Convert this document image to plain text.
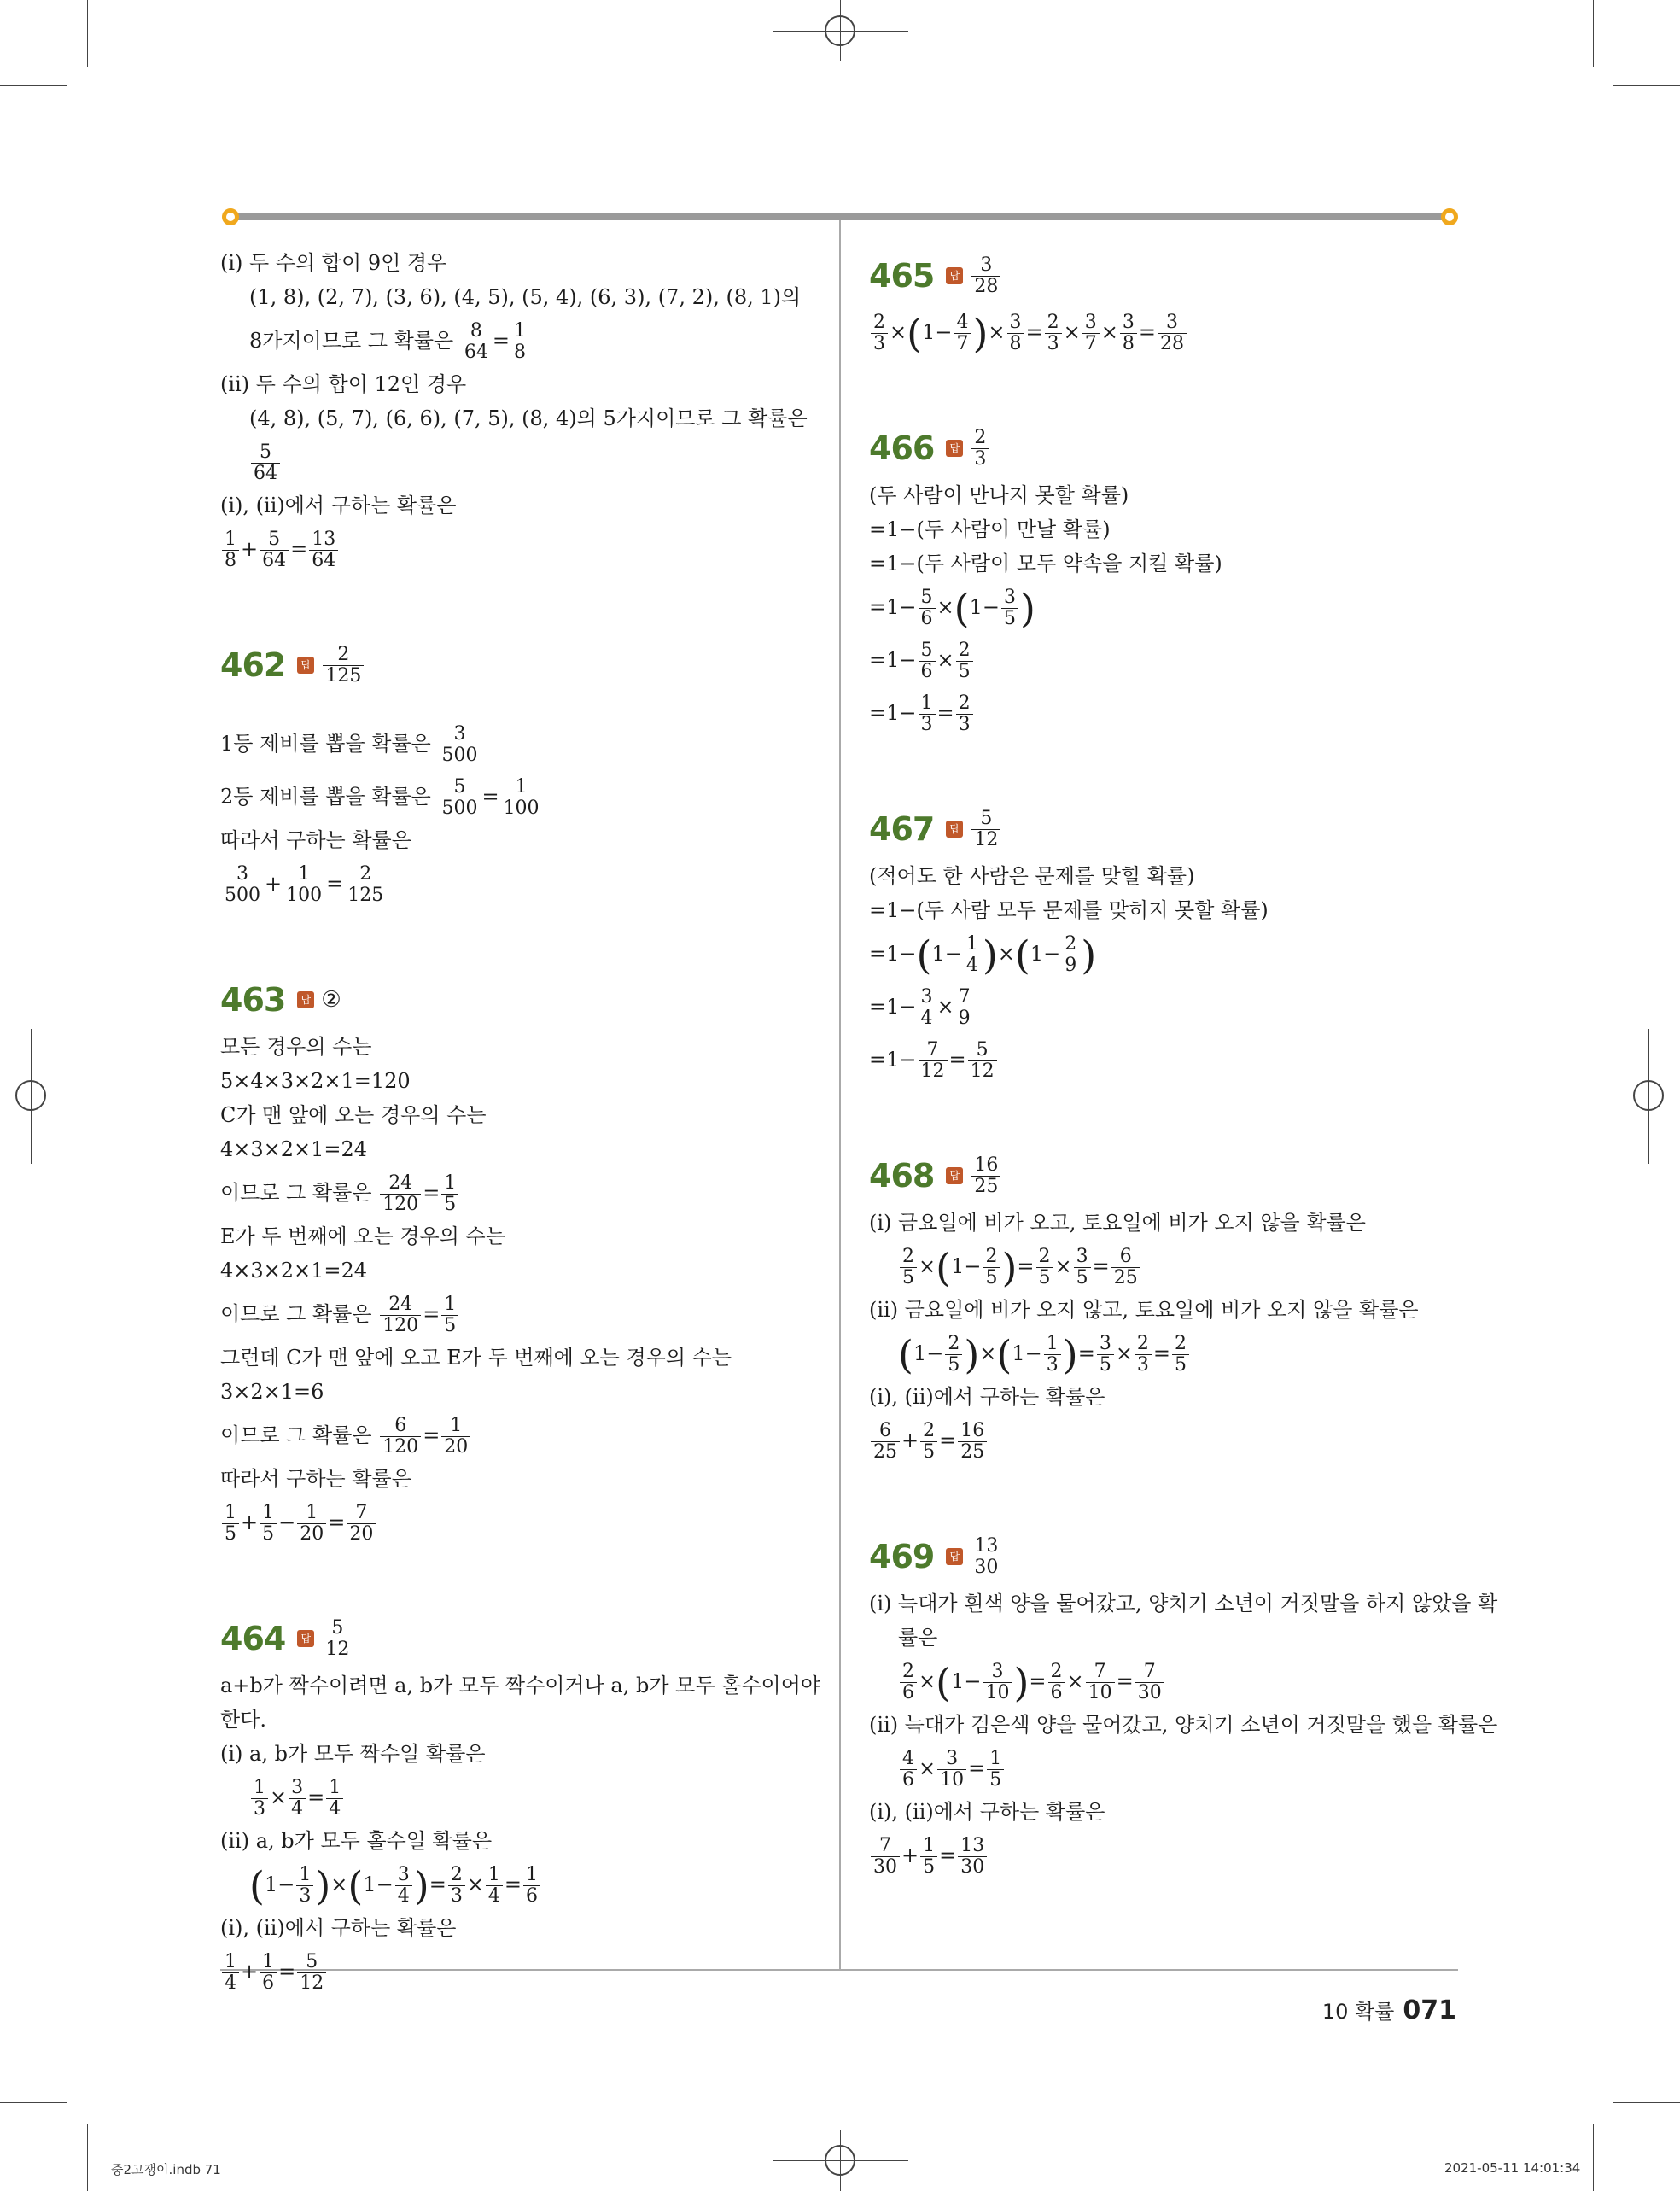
(ⅰ) 두 수의 합이 9인 경우
(1, 8), (2, 7), (3, 6), (4, 5), (5, 4), (6, 3), (7, 2), (8, 1)의
8가지이므로 그 확률은 $\frac{8}{64} = \frac{1}{8}$
(ⅱ) 두 수의 합이 12인 경우
(4, 8), (5, 7), (6, 6), (7, 5), (8, 4)의 5가지이므로 그 확률은
$\frac{5}{64}$
(ⅰ), (ⅱ)에서 구하는 확률은
$\frac{1}{8} + \frac{5}{64} = \frac{13}{64}$
462	답 $\frac{2}{125}$
1등 제비를 뽑을 확률은 $\frac{3}{500}$
2등 제비를 뽑을 확률은 $\frac{5}{500} = \frac{1}{100}$
따라서 구하는 확률은
$\frac{3}{500} + \frac{1}{100} = \frac{2}{125}$
463	답 ②
모든 경우의 수는
5×4×3×2×1=120
C가 맨 앞에 오는 경우의 수는
4×3×2×1=24
이므로 그 확률은 $\frac{24}{120} = \frac{1}{5}$
E가 두 번째에 오는 경우의 수는
4×3×2×1=24
이므로 그 확률은 $\frac{24}{120} = \frac{1}{5}$
그런데 C가 맨 앞에 오고 E가 두 번째에 오는 경우의 수는
3×2×1=6
이므로 그 확률은 $\frac{6}{120} = \frac{1}{20}$
따라서 구하는 확률은
$\frac{1}{5} + \frac{1}{5} - \frac{1}{20} = \frac{7}{20}$
464	답 $\frac{5}{12}$
a+b가 짝수이려면 a, b가 모두 짝수이거나 a, b가 모두 홀수이어야 한다.
(ⅰ) a, b가 모두 짝수일 확률은
$\frac{1}{3} \times \frac{3}{4} = \frac{1}{4}$
(ⅱ) a, b가 모두 홀수일 확률은
$(1- \frac{1}{3} )\times(1- \frac{3}{4}$ )= $\frac{2}{3} \times \frac{1}{4} = \frac{1}{6}$
(ⅰ), (ⅱ)에서 구하는 확률은
$\frac{1}{4} + \frac{1}{6} = \frac{5}{12}$
465	답 $\frac{3}{28}$
$\frac{2}{3} \times(1- \frac{4}{7}$ )× $\frac{3}{8} = \frac{2}{3} \times \frac{3}{7} \times \frac{3}{8} = \frac{3}{28}$
466	답 $\frac{2}{3}$
(두 사람이 만나지 못할 확률)
=1−(두 사람이 만날 확률)
=1−(두 사람이 모두 약속을 지킬 확률)
$=1- \frac{5}{6} \times(1- \frac{3}{5}$ )
$=1- \frac{5}{6} \times \frac{2}{5}$
$=1- \frac{1}{3} = \frac{2}{3}$
467	답 $\frac{5}{12}$
(적어도 한 사람은 문제를 맞힐 확률)
=1−(두 사람 모두 문제를 맞히지 못할 확률)
$=1-(1- \frac{1}{4} )\times(1- \frac{2}{9}$ )
$=1- \frac{3}{4} \times \frac{7}{9}$
$=1- \frac{7}{12} = \frac{5}{12}$
468	답 $\frac{16}{25}$
(ⅰ) 금요일에 비가 오고, 토요일에 비가 오지 않을 확률은
$\frac{2}{5} \times(1- \frac{2}{5}$ )= $\frac{2}{5} \times \frac{3}{5} = \frac{6}{25}$
(ⅱ) 금요일에 비가 오지 않고, 토요일에 비가 오지 않을 확률은
$(1- \frac{2}{5} )\times(1- \frac{1}{3}$ )= $\frac{3}{5} \times \frac{2}{3} = \frac{2}{5}$
(ⅰ), (ⅱ)에서 구하는 확률은
$\frac{6}{25} + \frac{2}{5} = \frac{16}{25}$
469	답 $\frac{13}{30}$
(ⅰ) 늑대가 흰색 양을 물어갔고, 양치기 소년이 거짓말을 하지 않았을 확
률은
$\frac{2}{6} \times(1- \frac{3}{10}$ )= $\frac{2}{6} \times \frac{7}{10} = \frac{7}{30}$
(ⅱ) 늑대가 검은색 양을 물어갔고, 양치기 소년이 거짓말을 했을 확률은
$\frac{4}{6} \times \frac{3}{10} = \frac{1}{5}$
(ⅰ), (ⅱ)에서 구하는 확률은
$\frac{7}{30} + \frac{1}{5} = \frac{13}{30}$
10 확률 071
중2고쟁이.indb 71	2021-05-11 14:01:34
